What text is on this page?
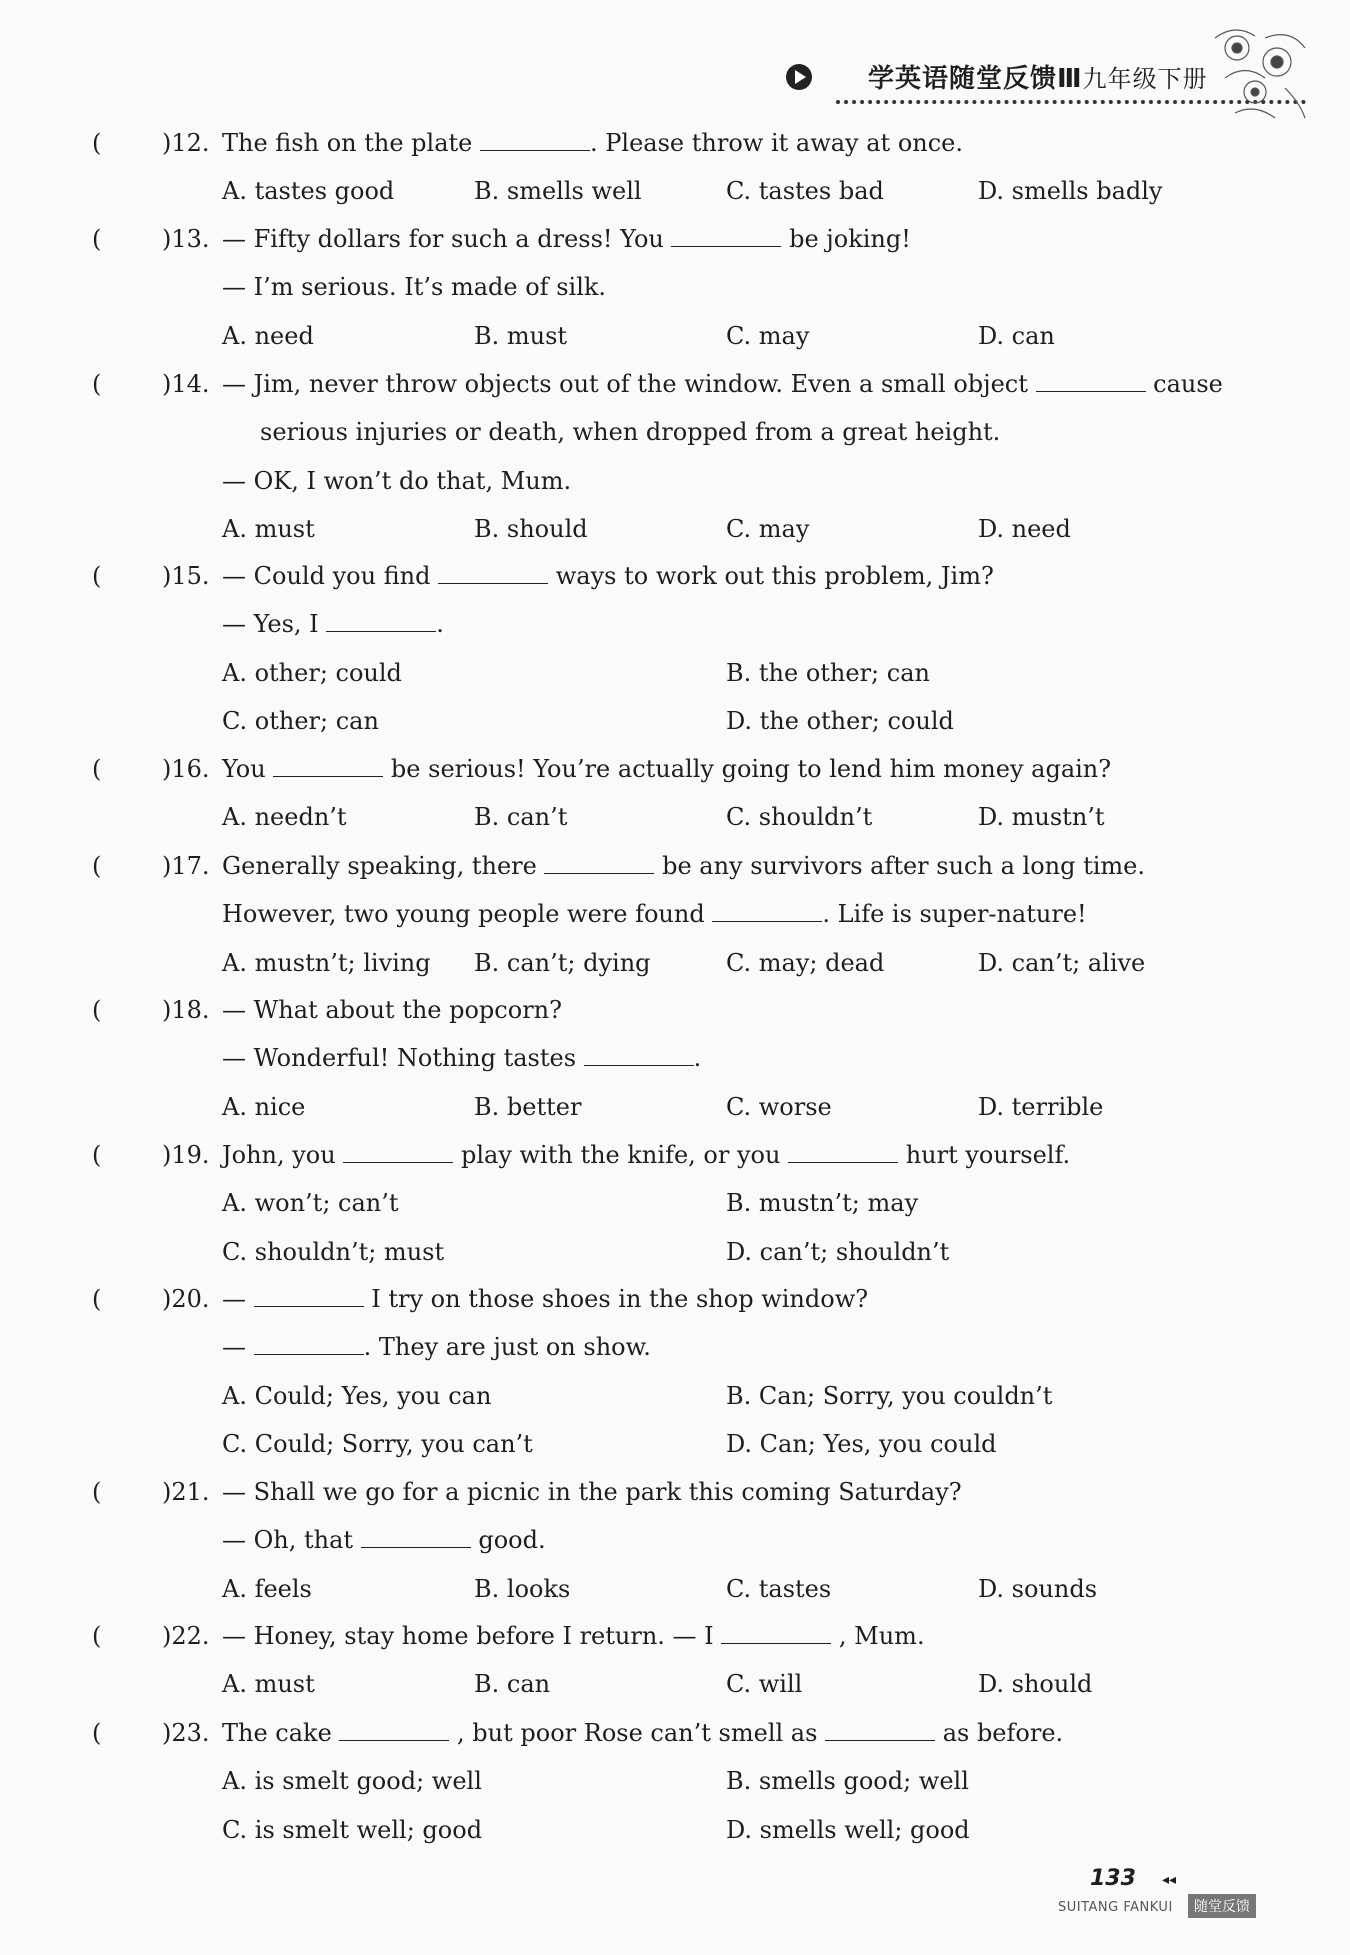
学英语随堂反馈Ⅲ九年级下册
(	)12. The fish on the plate	. Please throw it away at once.
A. tastes good	B. smells well	C. tastes bad	D. smells badly
(	)13. — Fifty dollars for such a dress! You	be joking!
— I’m serious. It’s made of silk.
A. need	B. must	C. may	D. can
(	)14. — Jim, never throw objects out of the window. Even a small object	cause
serious injuries or death, when dropped from a great height.
— OK, I won’t do that, Mum.
A. must	B. should	C. may	D. need
(	)15. — Could you find	ways to work out this problem, Jim?
— Yes, I	.
A. other; could	B. the other; can
C. other; can	D. the other; could
(	)16. You	be serious! You’re actually going to lend him money again?
A. needn’t	B. can’t	C. shouldn’t	D. mustn’t
(	)17. Generally speaking, there	be any survivors after such a long time.
However, two young people were found	. Life is super-nature!
A. mustn’t; living B. can’t; dying	C. may; dead	D. can’t; alive
(	)18. — What about the popcorn?
— Wonderful! Nothing tastes	.
A. nice	B. better	C. worse	D. terrible
(	)19. John, you	play with the knife, or you	hurt yourself.
A. won’t; can’t	B. mustn’t; may
C. shouldn’t; must	D. can’t; shouldn’t
(	)20. —	I try on those shoes in the shop window?
—	. They are just on show.
A. Could; Yes, you can	B. Can; Sorry, you couldn’t
C. Could; Sorry, you can’t	D. Can; Yes, you could
(	)21. — Shall we go for a picnic in the park this coming Saturday?
— Oh, that	good.
A. feels	B. looks	C. tastes	D. sounds
(	)22. — Honey, stay home before I return. — I	, Mum.
A. must	B. can	C. will	D. should
(	)23. The cake	, but poor Rose can’t smell as	as before.
A. is smelt good; well	B. smells good; well
C. is smelt well; good	D. smells well; good
133 ◂◂
SUITANG FANKUI	随堂反馈
